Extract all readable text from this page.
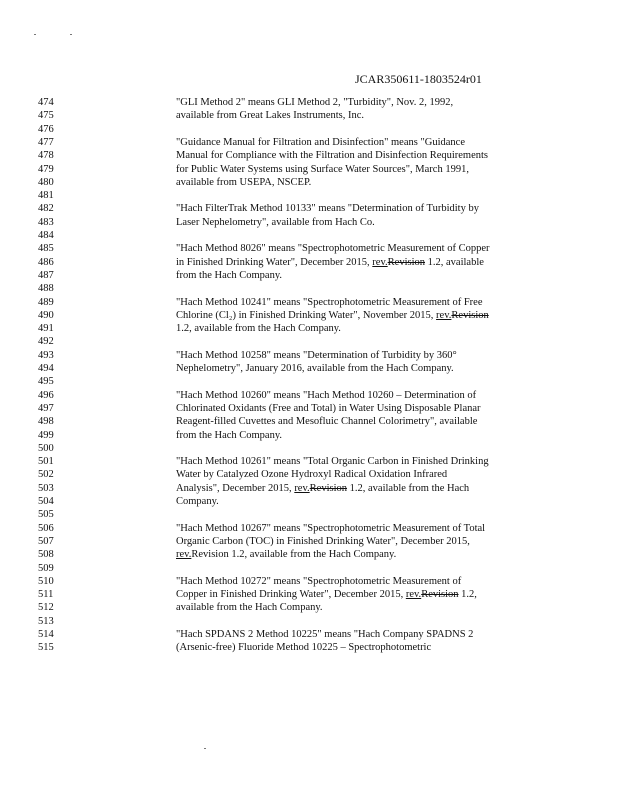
JCAR350611-1803524r01
474	"GLI Method 2" means GLI Method 2, "Turbidity", Nov. 2, 1992,
475	available from Great Lakes Instruments, Inc.
476
477	"Guidance Manual for Filtration and Disinfection" means "Guidance
478	Manual for Compliance with the Filtration and Disinfection Requirements
479	for Public Water Systems using Surface Water Sources", March 1991,
480	available from USEPA, NSCEP.
481
482	"Hach FilterTrak Method 10133" means "Determination of Turbidity by
483	Laser Nephelometry", available from Hach Co.
484
485	"Hach Method 8026" means "Spectrophotometric Measurement of Copper
486	in Finished Drinking Water", December 2015, rev.Revision 1.2, available
487	from the Hach Company.
488
489	"Hach Method 10241" means "Spectrophotometric Measurement of Free
490	Chlorine (Cl₂) in Finished Drinking Water", November 2015, rev.Revision
491	1.2, available from the Hach Company.
492
493	"Hach Method 10258" means "Determination of Turbidity by 360°
494	Nephelometry", January 2016, available from the Hach Company.
495
496	"Hach Method 10260" means "Hach Method 10260 – Determination of
497	Chlorinated Oxidants (Free and Total) in Water Using Disposable Planar
498	Reagent-filled Cuvettes and Mesofluic Channel Colorimetry", available
499	from the Hach Company.
500
501	"Hach Method 10261" means "Total Organic Carbon in Finished Drinking
502	Water by Catalyzed Ozone Hydroxyl Radical Oxidation Infrared
503	Analysis", December 2015, rev.Revision 1.2, available from the Hach
504	Company.
505
506	"Hach Method 10267" means "Spectrophotometric Measurement of Total
507	Organic Carbon (TOC) in Finished Drinking Water", December 2015,
508	rev.Revision 1.2, available from the Hach Company.
509
510	"Hach Method 10272" means "Spectrophotometric Measurement of
511	Copper in Finished Drinking Water", December 2015, rev.Revision 1.2,
512	available from the Hach Company.
513
514	"Hach SPDANS 2 Method 10225" means "Hach Company SPADNS 2
515	(Arsenic-free) Fluoride Method 10225 – Spectrophotometric
